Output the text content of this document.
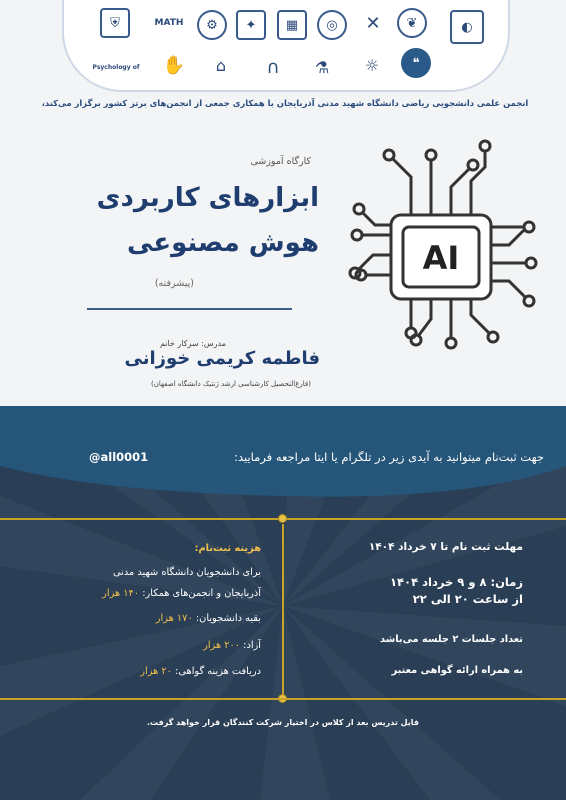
⛨
Psychology of
MATH	⚙	✦	▦	◎	✕	❦	◐
✋	⌂	∩	⚗	☼	❝
انجمن علمی دانشجویی ریاضی دانشگاه شهید مدنی آذربایجان با همکاری جمعی از انجمن‌های برتر کشور برگزار می‌کند،
کارگاه آموزشی
ابزارهای کاربردی
هوش مصنوعی
(پیشرفته)
مدرس: سرکار خانم
فاطمه کریمی خوزانی
(فارغ‌التحصیل کارشناسی ارشد ژنتیک دانشگاه اصفهان)
AI
جهت ثبت‌نام میتوانید به آیدی زیر در تلگرام یا ایتا مراجعه فرمایید:
@all0001
مهلت ثبت نام تا ۷ خرداد ۱۴۰۴
زمان: ۸ و ۹ خرداد ۱۴۰۴
از ساعت ۲۰ الی ۲۲
تعداد جلسات ۲ جلسه می‌باشد
به همراه ارائه گواهی معتبر
هزینه ثبت‌نام:
برای دانشجویان دانشگاه شهید مدنی
آذربایجان و انجمن‌های همکار: ۱۴۰ هزار
بقیه دانشجویان: ۱۷۰ هزار
آزاد: ۲۰۰ هزار
دریافت هزینه گواهی: ۲۰ هزار
فایل تدریس بعد از کلاس در اختیار شرکت کنندگان قرار خواهد گرفت.
